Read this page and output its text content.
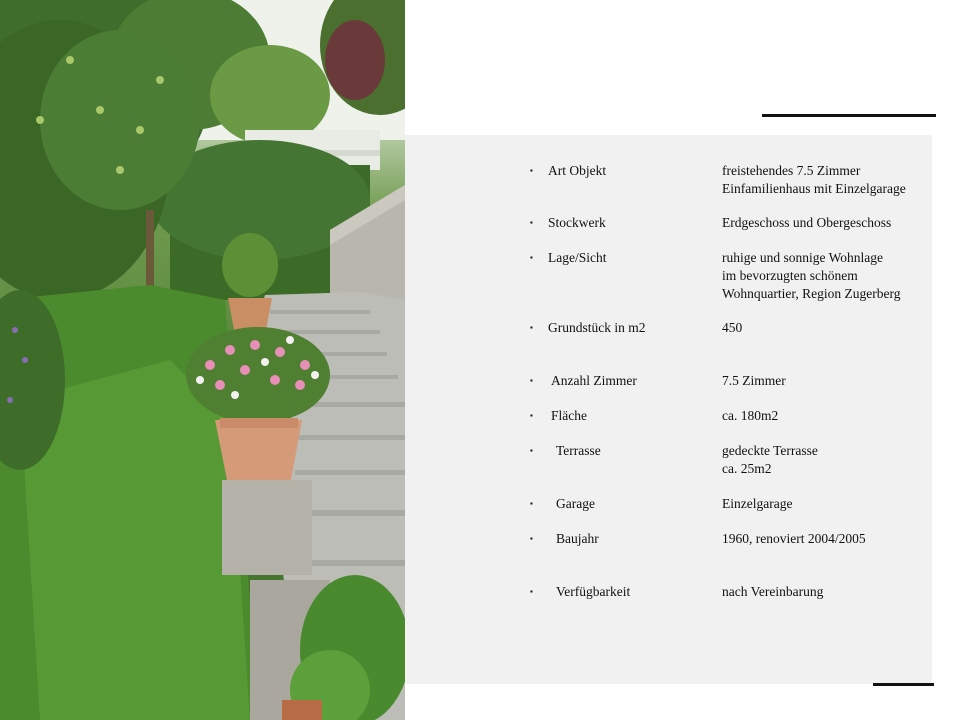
▪ Art Objekt	freistehendes 7.5 Zimmer
Einfamilienhaus mit Einzelgarage
▪ Stockwerk	Erdgeschoss und Obergeschoss
▪ Lage/Sicht	ruhige und sonnige Wohnlage
im bevorzugten schönem
Wohnquartier, Region Zugerberg
▪ Grundstück in m2	450
▪ Anzahl Zimmer	7.5 Zimmer
▪ Fläche	ca. 180m2
▪ Terrasse	gedeckte Terrasse
ca. 25m2
▪ Garage	Einzelgarage
▪ Baujahr	1960, renoviert 2004/2005
▪ Verfügbarkeit	nach Vereinbarung
